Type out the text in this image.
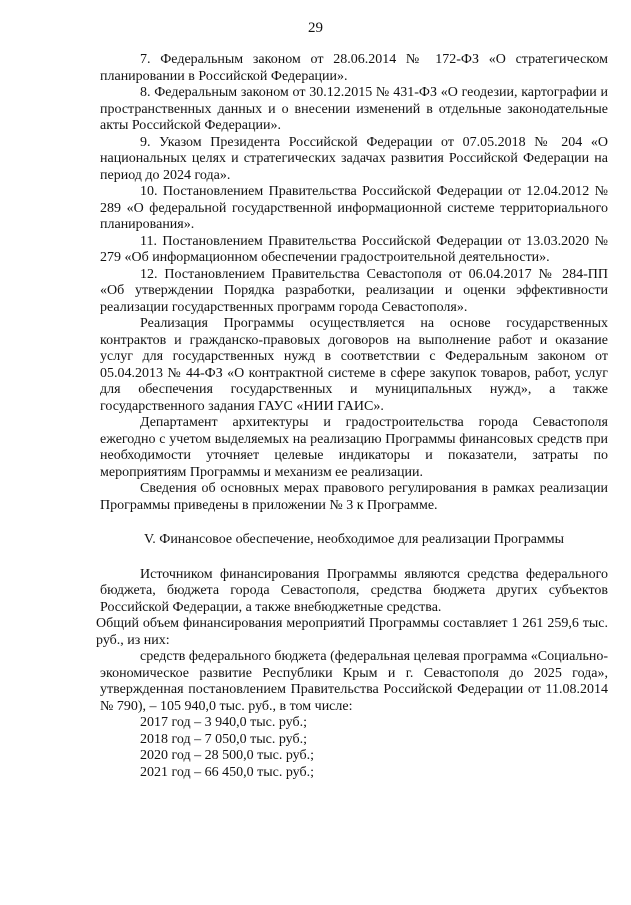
29

7. Федеральным законом от 28.06.2014 № 172-ФЗ «О стратегическом планировании в Российской Федерации».

8. Федеральным законом от 30.12.2015 № 431-ФЗ «О геодезии, картографии и пространственных данных и о внесении изменений в отдельные законодательные акты Российской Федерации».

9. Указом Президента Российской Федерации от 07.05.2018 № 204 «О национальных целях и стратегических задачах развития Российской Федерации на период до 2024 года».

10. Постановлением Правительства Российской Федерации от 12.04.2012 № 289 «О федеральной государственной информационной системе территориального планирования».

11. Постановлением Правительства Российской Федерации от 13.03.2020 № 279 «Об информационном обеспечении градостроительной деятельности».

12. Постановлением Правительства Севастополя от 06.04.2017 № 284-ПП «Об утверждении Порядка разработки, реализации и оценки эффективности реализации государственных программ города Севастополя».

Реализация Программы осуществляется на основе государственных контрактов и гражданско-правовых договоров на выполнение работ и оказание услуг для государственных нужд в соответствии с Федеральным законом от 05.04.2013 № 44-ФЗ «О контрактной системе в сфере закупок товаров, работ, услуг для обеспечения государственных и муниципальных нужд», а также государственного задания ГАУС «НИИ ГАИС».

Департамент архитектуры и градостроительства города Севастополя ежегодно с учетом выделяемых на реализацию Программы финансовых средств при необходимости уточняет целевые индикаторы и показатели, затраты по мероприятиям Программы и механизм ее реализации.

Сведения об основных мерах правового регулирования в рамках реализации Программы приведены в приложении № 3 к Программе.

V. Финансовое обеспечение, необходимое для реализации Программы

Источником финансирования Программы являются средства федерального бюджета, бюджета города Севастополя, средства бюджета других субъектов Российской Федерации, а также внебюджетные средства.

Общий объем финансирования мероприятий Программы составляет 1 261 259,6 тыс. руб., из них:

средств федерального бюджета (федеральная целевая программа «Социально-экономическое развитие Республики Крым и г. Севастополя до 2025 года», утвержденная постановлением Правительства Российской Федерации от 11.08.2014 № 790), – 105 940,0 тыс. руб., в том числе:

2017 год – 3 940,0 тыс. руб.;

2018 год – 7 050,0 тыс. руб.;

2020 год – 28 500,0 тыс. руб.;

2021 год – 66 450,0 тыс. руб.;
